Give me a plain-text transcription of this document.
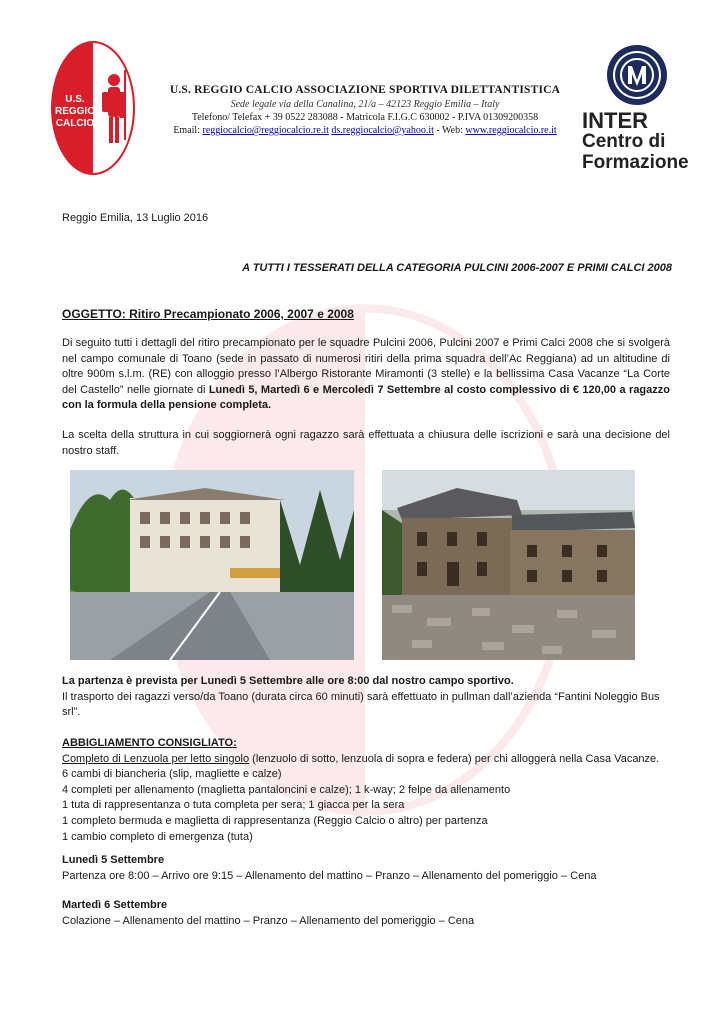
U.S.
REGGIO
CALCIO
U.S. REGGIO CALCIO ASSOCIAZIONE SPORTIVA DILETTANTISTICA
Sede legale via della Canalina, 21/a – 42123 Reggio Emilia – Italy
Telefono/ Telefax + 39 0522 283088 - Matricola F.I.G.C 630002 - P.IVA 01309200358
Email: reggiocalcio@reggiocalcio.re.it ds.reggiocalcio@yahoo.it - Web: www.reggiocalcio.re.it	INTER
Centro di
Formazione
Reggio Emilia, 13 Luglio 2016
A TUTTI I TESSERATI DELLA CATEGORIA PULCINI 2006-2007 E PRIMI CALCI 2008
OGGETTO: Ritiro Precampionato 2006, 2007 e 2008
Di seguito tutti i dettagli del ritiro precampionato per le squadre Pulcini 2006, Pulcini 2007 e Primi Calci 2008 che si svolgerà nel campo comunale di Toano (sede in passato di numerosi ritiri della prima squadra dell’Ac Reggiana) ad un altitudine di oltre 900m s.l.m. (RE) con alloggio presso l’Albergo Ristorante Miramonti (3 stelle) e la bellissima Casa Vacanze “La Corte del Castello” nelle giornate di Lunedì 5, Martedì 6 e Mercoledì 7 Settembre al costo complessivo di € 120,00 a ragazzo con la formula della pensione completa.
La scelta della struttura in cui soggiornerà ogni ragazzo sarà effettuata a chiusura delle iscrizioni e sarà una decisione del nostro staff.
La partenza è prevista per Lunedì 5 Settembre alle ore 8:00 dal nostro campo sportivo.
Il trasporto dei ragazzi verso/da Toano (durata circa 60 minuti) sarà effettuato in pullman dall’azienda “Fantini Noleggio Bus srl”.
ABBIGLIAMENTO CONSIGLIATO:
Completo di Lenzuola per letto singolo (lenzuolo di sotto, lenzuola di sopra e federa) per chi alloggerà nella Casa Vacanze.
6 cambi di biancheria (slip, magliette e calze)
4 completi per allenamento (maglietta pantaloncini e calze); 1 k-way; 2 felpe da allenamento
1 tuta di rappresentanza o tuta completa per sera; 1 giacca per la sera
1 completo bermuda e maglietta di rappresentanza (Reggio Calcio o altro) per partenza
1 cambio completo di emergenza (tuta)
Lunedì 5 Settembre
Partenza ore 8:00 – Arrivo ore 9:15 – Allenamento del mattino – Pranzo – Allenamento del pomeriggio – Cena
Martedì 6 Settembre
Colazione – Allenamento del mattino – Pranzo – Allenamento del pomeriggio – Cena
